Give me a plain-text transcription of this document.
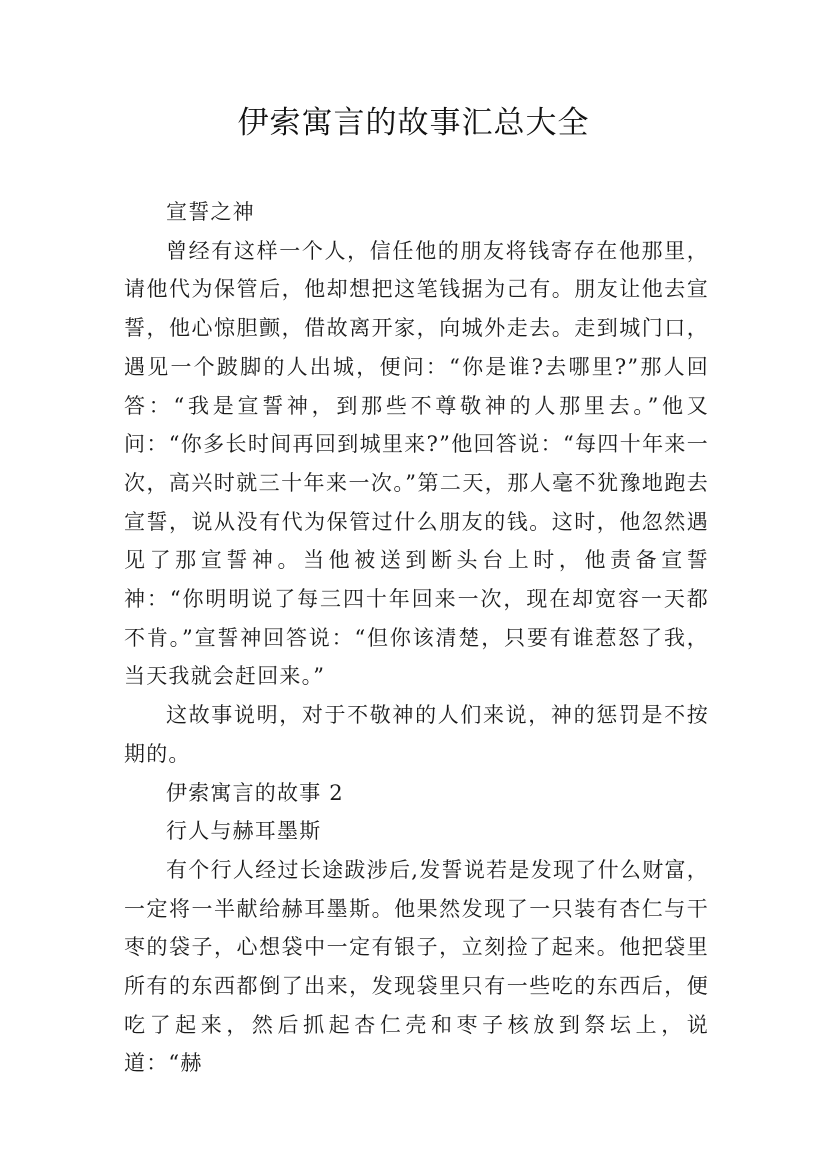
伊索寓言的故事汇总大全

宣誓之神

曾经有这样一个人，信任他的朋友将钱寄存在他那里，请他代为保管后，他却想把这笔钱据为己有。朋友让他去宣誓，他心惊胆颤，借故离开家，向城外走去。走到城门口，遇见一个跛脚的人出城，便问：“你是谁?去哪里?”那人回答：“我是宣誓神，到那些不尊敬神的人那里去。”他又问：“你多长时间再回到城里来?”他回答说：“每四十年来一次，高兴时就三十年来一次。”第二天，那人毫不犹豫地跑去宣誓，说从没有代为保管过什么朋友的钱。这时，他忽然遇见了那宣誓神。当他被送到断头台上时，他责备宣誓神：“你明明说了每三四十年回来一次，现在却宽容一天都不肯。”宣誓神回答说：“但你该清楚，只要有谁惹怒了我，当天我就会赶回来。”

这故事说明，对于不敬神的人们来说，神的惩罚是不按期的。

伊索寓言的故事 2

行人与赫耳墨斯

有个行人经过长途跋涉后,发誓说若是发现了什么财富，一定将一半献给赫耳墨斯。他果然发现了一只装有杏仁与干枣的袋子，心想袋中一定有银子，立刻捡了起来。他把袋里所有的东西都倒了出来，发现袋里只有一些吃的东西后，便吃了起来，然后抓起杏仁壳和枣子核放到祭坛上，说道：“赫
